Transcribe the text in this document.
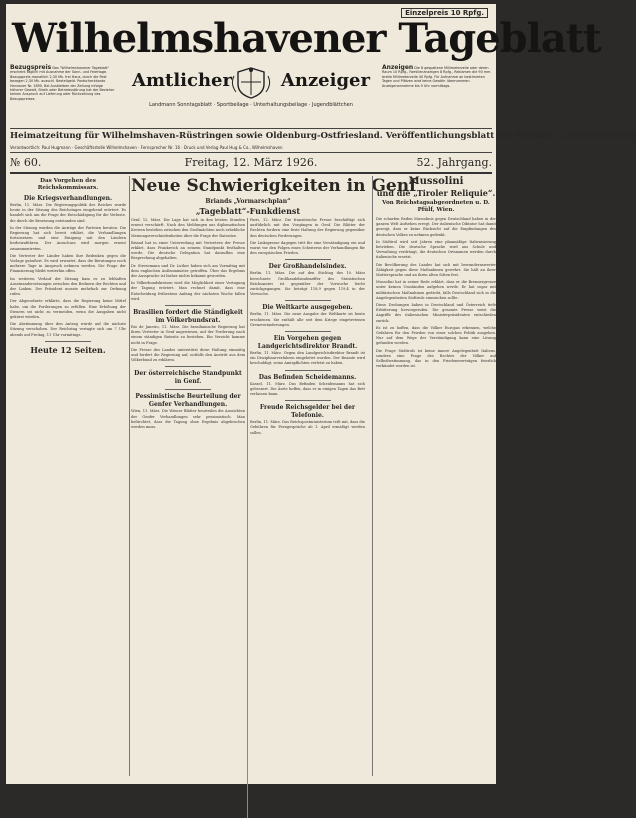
Einzelpreis 10 Rpfg.
Wilhelmshavener Tageblatt
Bezugspreis Das "Wilhelmshavener Tageblatt" erscheint täglich mit Ausnahme der Sonn- und Feiertage. Bezugspreis monatlich 2,30 Mk. frei Haus, durch die Post bezogen 2,30 Mk. ausschl. Bestellgeld. Postscheckkonto Hannover Nr. 1890. Bei Ausbleiben der Zeitung infolge höherer Gewalt, Streik oder Betriebsstörung hat der Bezieher keinen Anspruch auf Lieferung oder Rückzahlung des Bezugspreises.
Amtlicher	Anzeiger
Landmann Sonntagsblatt · Sportbeilage · Unterhaltungsbeilage · Jugendblättchen
Anzeigen Die 8 gespaltene Millimeterzeile oder deren Raum 10 Rpfg., Familienanzeigen 8 Rpfg., Reklamen die 90 mm breite Millimeterzeile 40 Rpfg. Für Aufnahme an bestimmten Tagen und Plätzen wird keine Gewähr übernommen. Anzeigenannahme bis 9 Uhr vormittags.
Heimatzeitung für Wilhelmshaven-Rüstringen sowie Oldenburg-Ostfriesland. Veröffentlichungsblatt der Marine- u. Zivilbehörden
Verantwortlich: Paul Hugmann · Geschäftsstelle Wilhelmshaven · Fernsprecher Nr. 16 · Druck und Verlag Paul Hug & Co., Wilhelmshaven
№ 60.	Freitag, 12. März 1926.	52. Jahrgang.
Das Vorgehen des Reichskommissars.
Die Kriegsverhandlungen.

Berlin, 11. März. Die Regierungspolitik des Reiches wurde heute in der Sitzung des Reichstages eingehend erörtert. Es handelt sich um die Frage der Entschädigung für die Verluste, die durch die Besetzung entstanden sind.

In der Sitzung wurden die Anträge der Parteien beraten. Die Regierung hat sich bereit erklärt, die Verhandlungen fortzusetzen und eine Einigung mit den Ländern herbeizuführen. Der Ausschuss wird morgen erneut zusammentreten.

Die Vertreter der Länder haben ihre Bedenken gegen die Vorlage geäußert. Es wird erwartet, dass die Beratungen noch mehrere Tage in Anspruch nehmen werden. Die Frage der Finanzierung bleibt weiterhin offen.

Im weiteren Verlauf der Sitzung kam es zu lebhaften Auseinandersetzungen zwischen den Rednern der Rechten und der Linken. Der Präsident musste mehrfach zur Ordnung rufen.

Der Abgeordnete erklärte, dass die Regierung keine Mittel habe, um die Forderungen zu erfüllen. Eine Erhöhung der Steuern sei nicht zu vermeiden, wenn die Ausgaben nicht gekürzt würden.

Die Abstimmung über den Antrag wurde auf die nächste Sitzung verschoben. Der Reichstag vertagte sich um 7 Uhr abends auf Freitag, 11 Uhr vormittags.

Heute 12 Seiten.
Neue Schwierigkeiten in Genf
Briands „Vormarschplan“
„Tageblatt“-Funkdienst

Genf, 12. März. Die Lage hat sich in den letzten Stunden erneut verschärft. Nach den Meldungen aus diplomatischen Kreisen bestehen zwischen den Großmächten noch erhebliche Meinungsverschiedenheiten über die Frage der Ratssitze.

Briand hat in einer Unterredung mit Vertretern der Presse erklärt, dass Frankreich an seinem Standpunkt festhalten werde. Die deutsche Delegation hat daraufhin eine Besprechung abgehalten.

Dr. Stresemann und Dr. Luther haben sich am Vormittag mit dem englischen Außenminister getroffen. Über das Ergebnis der Aussprache ist bisher nichts bekannt geworden.

In Völkerbundskreisen wird die Möglichkeit einer Vertagung der Tagung erörtert. Man rechnet damit, dass eine Entscheidung frühestens Anfang der nächsten Woche fallen wird.

Brasilien fordert die Ständigkeit im Völkerbundsrat.

Rio de Janeiro, 11. März. Die brasilianische Regierung hat ihren Vertreter in Genf angewiesen, auf der Forderung nach einem ständigen Ratssitz zu bestehen. Ein Verzicht komme nicht in Frage.

Die Presse des Landes unterstützt diese Haltung einmütig und fordert die Regierung auf, notfalls den Austritt aus dem Völkerbund zu erklären.

Der österreichische Standpunkt in Genf.
Pessimistische Beurteilung der Genfer Verhandlungen.

Wien, 11. März. Die Wiener Blätter beurteilen die Aussichten der Genfer Verhandlungen sehr pessimistisch. Man befürchtet, dass die Tagung ohne Ergebnis abgebrochen werden muss.

Paris, 12. März. Die französische Presse beschäftigt sich ausführlich mit den Vorgängen in Genf. Die Blätter der Rechten fordern eine feste Haltung der Regierung gegenüber den deutschen Forderungen.

Die Linkspresse dagegen tritt für eine Verständigung ein und warnt vor den Folgen eines Scheiterns der Verhandlungen für den europäischen Frieden.

Der Großhandelsindex.

Berlin, 11. März. Die auf den Stichtag des 10. März berechnete Großhandelsindexziffer des Statistischen Reichsamtes ist gegenüber der Vorwoche leicht zurückgegangen. Sie beträgt 118,9 gegen 119,4 in der Vorwoche.

Die Weltkarte ausgegeben.

Berlin, 11. März. Die neue Ausgabe der Weltkarte ist heute erschienen. Sie enthält alle seit dem Kriege eingetretenen Grenzveränderungen.

Ein Vorgehen gegen Landgerichtsdirektor Brandt.

Berlin, 11. März. Gegen den Landgerichtsdirektor Brandt ist ein Disziplinarverfahren eingeleitet worden. Der Beamte wird beschuldigt, seine Amtspflichten verletzt zu haben.

Das Befinden Scheidemanns.

Kassel, 11. März. Das Befinden Scheidemanns hat sich gebessert. Die Ärzte hoffen, dass er in einigen Tagen das Bett verlassen kann.

Freude Reichsgelder bei der Telefonie.

Berlin, 11. März. Das Reichspostministerium teilt mit, dass die Gebühren für Ferngespräche ab 1. April ermäßigt werden sollen.

Mussolini
und die „Tiroler Reliquie“.
Von Reichstagsabgeordneten u. D. Pfülf, Wien.

Die scharfen Reden Mussolinis gegen Deutschland haben in der ganzen Welt Aufsehen erregt. Der italienische Diktator hat damit gezeigt, dass er keine Rücksicht auf die Empfindungen des deutschen Volkes zu nehmen gedenkt.

In Südtirol wird seit Jahren eine planmäßige Italienisierung betrieben. Die deutsche Sprache wird aus Schule und Verwaltung verdrängt, die deutschen Ortsnamen werden durch italienische ersetzt.

Die Bevölkerung des Landes hat sich mit bewundernswerter Zähigkeit gegen diese Maßnahmen gewehrt. Sie hält an ihrer Muttersprache und an ihren alten Sitten fest.

Mussolini hat in seiner Rede erklärt, dass er die Brennergrenze unter keinen Umständen aufgeben werde. Er hat sogar mit militärischen Maßnahmen gedroht, falls Deutschland sich in die Angelegenheiten Südtirols einmischen sollte.

Diese Drohungen haben in Deutschland und Österreich tiefe Erbitterung hervorgerufen. Die gesamte Presse weist die Angriffe des italienischen Ministerpräsidenten entschieden zurück.

Es ist zu hoffen, dass die Völker Europas erkennen, welche Gefahren für den Frieden von einer solchen Politik ausgehen. Nur auf dem Wege der Verständigung kann eine Lösung gefunden werden.

Die Frage Südtirols ist keine innere Angelegenheit Italiens, sondern eine Frage des Rechtes der Völker auf Selbstbestimmung, das in den Friedensverträgen feierlich verkündet worden ist.
